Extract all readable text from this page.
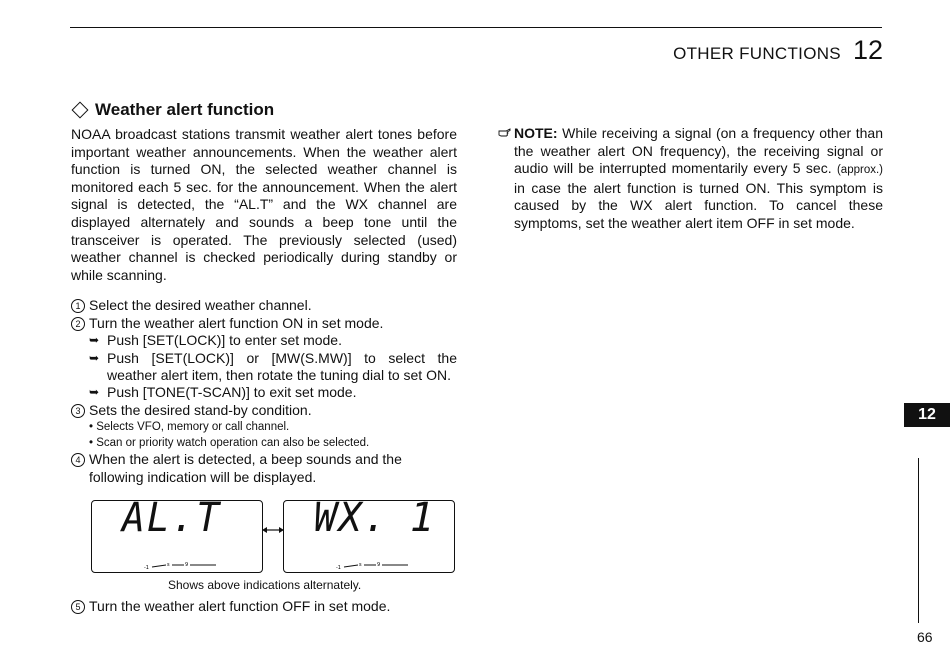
OTHER FUNCTIONS 12
12
66
Weather alert function

NOAA broadcast stations transmit weather alert tones before important weather announcements. When the weather alert function is turned ON, the selected weather channel is monitored each 5 sec. for the announcement. When the alert signal is detected, the “AL.T” and the WX channel are displayed alternately and sounds a beep tone until the transceiver is operated. The previously selected (used) weather channel is checked periodically during standby or while scanning.

1 Select the desired weather channel.
2 Turn the weather alert function ON in set mode.
➥ Push [SET(LOCK)] to enter set mode.
➥ Push [SET(LOCK)] or [MW(S.MW)] to select the weather alert item, then rotate the tuning dial to set ON.
➥ Push [TONE(T-SCAN)] to exit set mode.
3 Sets the desired stand-by condition.
• Selects VFO, memory or call channel.
• Scan or priority watch operation can also be selected.
4 When the alert is detected, a beep sounds and the following indication will be displayed.
AL.T
-1	s	9
WX. 1
-1	s	9
Shows above indications alternately.
5 Turn the weather alert function OFF in set mode.
NOTE: While receiving a signal (on a frequency other than the weather alert ON frequency), the receiving signal or audio will be interrupted momentarily every 5 sec. (approx.) in case the alert function is turned ON. This symptom is caused by the WX alert function. To cancel these symptoms, set the weather alert item OFF in set mode.
